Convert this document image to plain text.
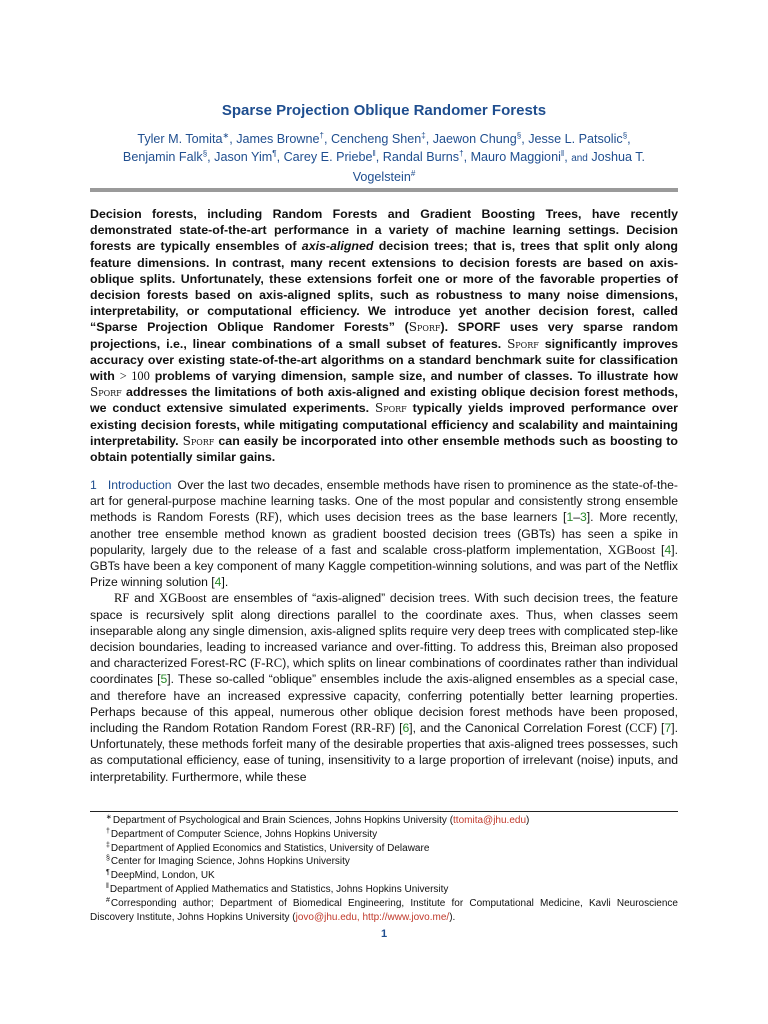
Sparse Projection Oblique Randomer Forests
Tyler M. Tomita∗, James Browne†, Cencheng Shen‡, Jaewon Chung§, Jesse L. Patsolic§,
Benjamin Falk§, Jason Yim¶, Carey E. Priebe‖, Randal Burns†, Mauro Maggioni‖, and Joshua T.
Vogelstein#
Decision forests, including Random Forests and Gradient Boosting Trees, have recently demonstrated state-of-the-art performance in a variety of machine learning settings. Decision forests are typically ensembles of axis-aligned decision trees; that is, trees that split only along feature dimensions. In contrast, many recent extensions to decision forests are based on axis-oblique splits. Unfortunately, these extensions forfeit one or more of the favorable properties of decision forests based on axis-aligned splits, such as robustness to many noise dimensions, interpretability, or computational efficiency. We introduce yet another decision forest, called “Sparse Projection Oblique Randomer Forests” (Sporf). SPORF uses very sparse random projections, i.e., linear combinations of a small subset of features. Sporf significantly improves accuracy over existing state-of-the-art algorithms on a standard benchmark suite for classification with > 100 problems of varying dimension, sample size, and number of classes. To illustrate how Sporf addresses the limitations of both axis-aligned and existing oblique decision forest methods, we conduct extensive simulated experiments. Sporf typically yields improved performance over existing decision forests, while mitigating computational efficiency and scalability and maintaining interpretability. Sporf can easily be incorporated into other ensemble methods such as boosting to obtain potentially similar gains.

1 Introduction Over the last two decades, ensemble methods have risen to prominence as the state-of-the-art for general-purpose machine learning tasks. One of the most popular and consistently strong ensemble methods is Random Forests (RF), which uses decision trees as the base learners [1–3]. More recently, another tree ensemble method known as gradient boosted decision trees (GBTs) has seen a spike in popularity, largely due to the release of a fast and scalable cross-platform implementation, XGBoost [4]. GBTs have been a key component of many Kaggle competition-winning solutions, and was part of the Netflix Prize winning solution [4].

RF and XGBoost are ensembles of “axis-aligned” decision trees. With such decision trees, the feature space is recursively split along directions parallel to the coordinate axes. Thus, when classes seem inseparable along any single dimension, axis-aligned splits require very deep trees with complicated step-like decision boundaries, leading to increased variance and over-fitting. To address this, Breiman also proposed and characterized Forest-RC (F-RC), which splits on linear combinations of coordinates rather than individual coordinates [5]. These so-called “oblique” ensembles include the axis-aligned ensembles as a special case, and therefore have an increased expressive capacity, conferring potentially better learning properties. Perhaps because of this appeal, numerous other oblique decision forest methods have been proposed, including the Random Rotation Random Forest (RR-RF) [6], and the Canonical Correlation Forest (CCF) [7]. Unfortunately, these methods forfeit many of the desirable properties that axis-aligned trees possesses, such as computational efficiency, ease of tuning, insensitivity to a large proportion of irrelevant (noise) inputs, and interpretability. Furthermore, while these

∗Department of Psychological and Brain Sciences, Johns Hopkins University (ttomita@jhu.edu)

†Department of Computer Science, Johns Hopkins University

‡Department of Applied Economics and Statistics, University of Delaware

§Center for Imaging Science, Johns Hopkins University

¶DeepMind, London, UK

‖Department of Applied Mathematics and Statistics, Johns Hopkins University

#Corresponding author; Department of Biomedical Engineering, Institute for Computational Medicine, Kavli Neuroscience Discovery Institute, Johns Hopkins University (jovo@jhu.edu, http://www.jovo.me/).

1
